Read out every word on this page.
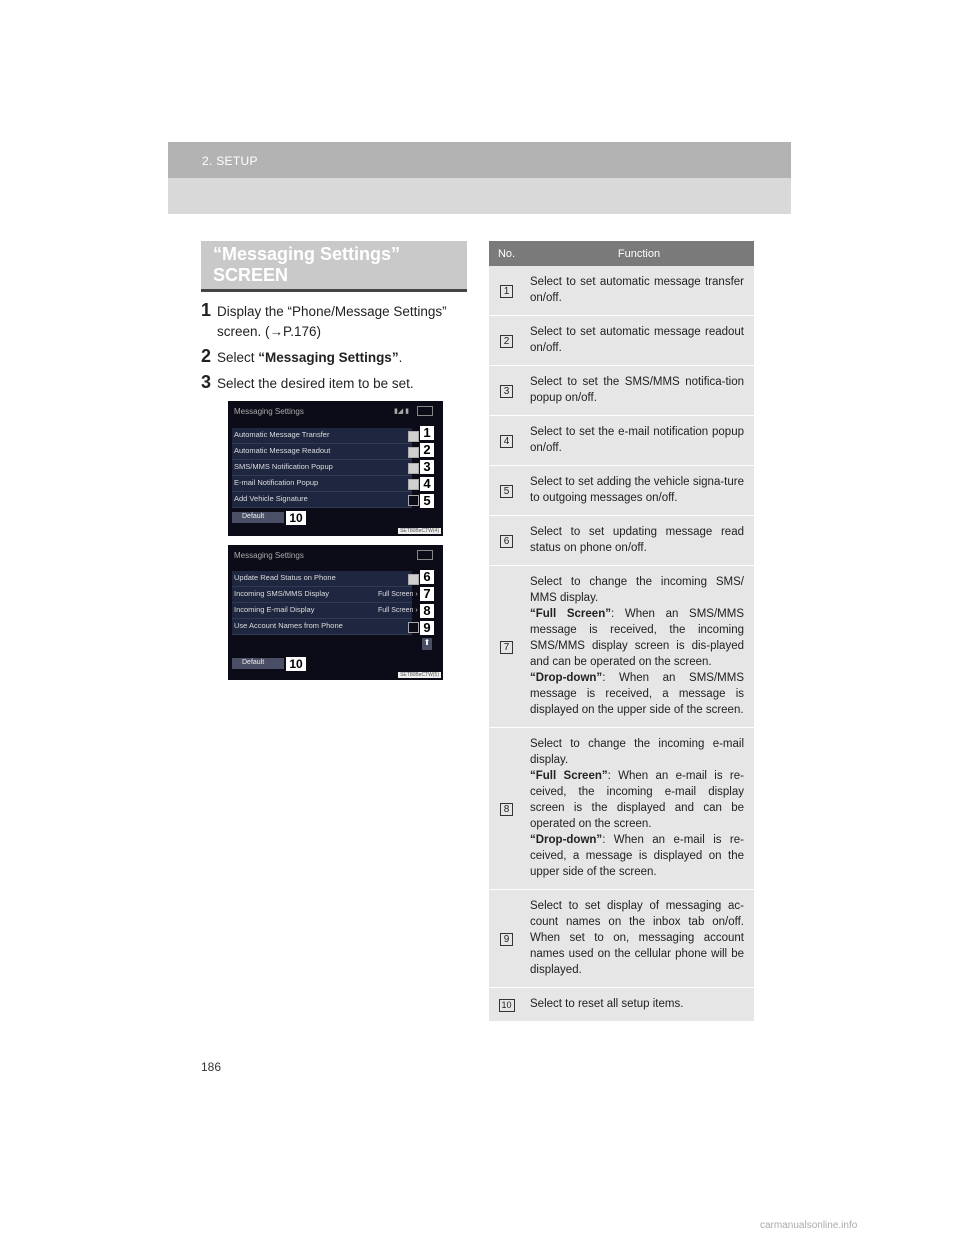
2. SETUP
“Messaging Settings”
SCREEN
1 Display the “Phone/Message Settings”
screen. (→P.176)
2 Select “Messaging Settings”.
3 Select the desired item to be set.
Messaging Settings	▮◢ ▮
Automatic Message Transfer
Automatic Message Readout
SMS/MMS Notification Popup
E-mail Notification Popup
Add Vehicle Signature
1
2
3
4
5
Default 10
SET80BeCTW(4)
Messaging Settings
Update Read Status on Phone
Incoming SMS/MMS Display
Incoming E-mail Display
Use Account Names from Phone
Full Screen ›
Full Screen ›
6
7
8
9
⬆
Default 10
SET80BeCTW(5)
No.	Function
1	Select to set automatic message transfer on/off.
2	Select to set automatic message readout on/off.
3	Select to set the SMS/MMS notifica-tion popup on/off.
4	Select to set the e-mail notification popup on/off.
5	Select to set adding the vehicle signa-ture to outgoing messages on/off.
6	Select to set updating message read status on phone on/off.
7	Select to change the incoming SMS/ MMS display.
“Full Screen”: When an SMS/MMS message is received, the incoming SMS/MMS display screen is dis-played and can be operated on the screen.
“Drop-down”: When an SMS/MMS message is received, a message is displayed on the upper side of the screen.
8	Select to change the incoming e-mail display.
“Full Screen”: When an e-mail is re-ceived, the incoming e-mail display screen is the displayed and can be operated on the screen.
“Drop-down”: When an e-mail is re-ceived, a message is displayed on the upper side of the screen.
9	Select to set display of messaging ac-count names on the inbox tab on/off. When set to on, messaging account names used on the cellular phone will be displayed.
10	Select to reset all setup items.
186
carmanualsonline.info
